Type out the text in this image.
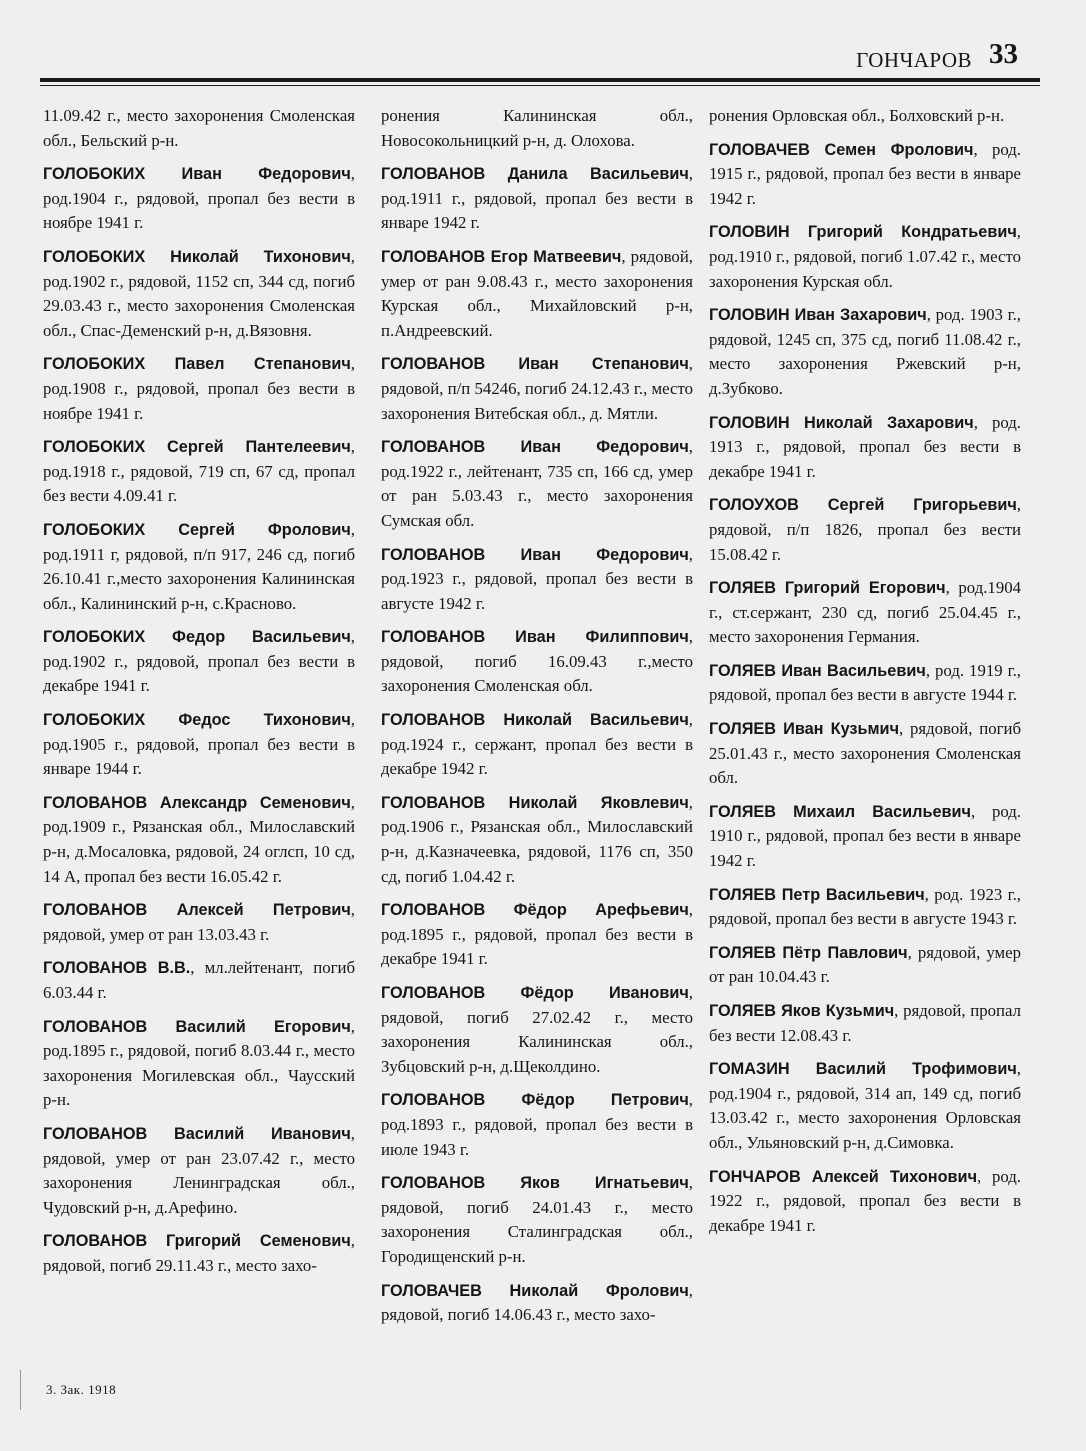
ГОНЧАРОВ 33

11.09.42 г., место захоронения Смоленская обл., Бельский р-н.

ГОЛОБОКИХ Иван Федорович, род.1904 г., рядовой, пропал без вести в ноябре 1941 г.

ГОЛОБОКИХ Николай Тихонович, род.1902 г., рядовой, 1152 сп, 344 сд, погиб 29.03.43 г., место захоронения Смоленская обл., Спас-Деменский р-н, д.Вязовня.

ГОЛОБОКИХ Павел Степанович, род.1908 г., рядовой, пропал без вести в ноябре 1941 г.

ГОЛОБОКИХ Сергей Пантелеевич, род.1918 г., рядовой, 719 сп, 67 сд, пропал без вести 4.09.41 г.

ГОЛОБОКИХ Сергей Фролович, род.1911 г, рядовой, п/п 917, 246 сд, погиб 26.10.41 г.,место захоронения Калининская обл., Калининский р-н, с.Красново.

ГОЛОБОКИХ Федор Васильевич, род.1902 г., рядовой, пропал без вести в декабре 1941 г.

ГОЛОБОКИХ Федос Тихонович, род.1905 г., рядовой, пропал без вести в январе 1944 г.

ГОЛОВАНОВ Александр Семенович, род.1909 г., Рязанская обл., Милославский р-н, д.Мосаловка, рядовой, 24 оглсп, 10 сд, 14 А, пропал без вести 16.05.42 г.

ГОЛОВАНОВ Алексей Петрович, рядовой, умер от ран 13.03.43 г.

ГОЛОВАНОВ В.В., мл.лейтенант, погиб 6.03.44 г.

ГОЛОВАНОВ Василий Егорович, род.1895 г., рядовой, погиб 8.03.44 г., место захоронения Могилевская обл., Чаусский р-н.

ГОЛОВАНОВ Василий Иванович, рядовой, умер от ран 23.07.42 г., место захоронения Ленинградская обл., Чудовский р-н, д.Арефино.

ГОЛОВАНОВ Григорий Семенович, рядовой, погиб 29.11.43 г., место захо-

ронения Калининская обл., Новосокольницкий р-н, д. Олохова.

ГОЛОВАНОВ Данила Васильевич, род.1911 г., рядовой, пропал без вести в январе 1942 г.

ГОЛОВАНОВ Егор Матвеевич, рядовой, умер от ран 9.08.43 г., место захоронения Курская обл., Михайловский р-н, п.Андреевский.

ГОЛОВАНОВ Иван Степанович, рядовой, п/п 54246, погиб 24.12.43 г., место захоронения Витебская обл., д. Мятли.

ГОЛОВАНОВ Иван Федорович, род.1922 г., лейтенант, 735 сп, 166 сд, умер от ран 5.03.43 г., место захоронения Сумская обл.

ГОЛОВАНОВ Иван Федорович, род.1923 г., рядовой, пропал без вести в августе 1942 г.

ГОЛОВАНОВ Иван Филиппович, рядовой, погиб 16.09.43 г.,место захоронения Смоленская обл.

ГОЛОВАНОВ Николай Васильевич, род.1924 г., сержант, пропал без вести в декабре 1942 г.

ГОЛОВАНОВ Николай Яковлевич, род.1906 г., Рязанская обл., Милославский р-н, д.Казначеевка, рядовой, 1176 сп, 350 сд, погиб 1.04.42 г.

ГОЛОВАНОВ Фёдор Арефьевич, род.1895 г., рядовой, пропал без вести в декабре 1941 г.

ГОЛОВАНОВ Фёдор Иванович, рядовой, погиб 27.02.42 г., место захоронения Калининская обл., Зубцовский р-н, д.Щеколдино.

ГОЛОВАНОВ Фёдор Петрович, род.1893 г., рядовой, пропал без вести в июле 1943 г.

ГОЛОВАНОВ Яков Игнатьевич, рядовой, погиб 24.01.43 г., место захоронения Сталинградская обл., Городищенский р-н.

ГОЛОВАЧЕВ Николай Фролович, рядовой, погиб 14.06.43 г., место захо-

ронения Орловская обл., Болховский р-н.

ГОЛОВАЧЕВ Семен Фролович, род. 1915 г., рядовой, пропал без вести в январе 1942 г.

ГОЛОВИН Григорий Кондратьевич, род.1910 г., рядовой, погиб 1.07.42 г., место захоронения Курская обл.

ГОЛОВИН Иван Захарович, род. 1903 г., рядовой, 1245 сп, 375 сд, погиб 11.08.42 г., место захоронения Ржевский р-н, д.Зубково.

ГОЛОВИН Николай Захарович, род. 1913 г., рядовой, пропал без вести в декабре 1941 г.

ГОЛОУХОВ Сергей Григорьевич, рядовой, п/п 1826, пропал без вести 15.08.42 г.

ГОЛЯЕВ Григорий Егорович, род.1904 г., ст.сержант, 230 сд, погиб 25.04.45 г., место захоронения Германия.

ГОЛЯЕВ Иван Васильевич, род. 1919 г., рядовой, пропал без вести в августе 1944 г.

ГОЛЯЕВ Иван Кузьмич, рядовой, погиб 25.01.43 г., место захоронения Смоленская обл.

ГОЛЯЕВ Михаил Васильевич, род. 1910 г., рядовой, пропал без вести в январе 1942 г.

ГОЛЯЕВ Петр Васильевич, род. 1923 г., рядовой, пропал без вести в августе 1943 г.

ГОЛЯЕВ Пётр Павлович, рядовой, умер от ран 10.04.43 г.

ГОЛЯЕВ Яков Кузьмич, рядовой, пропал без вести 12.08.43 г.

ГОМАЗИН Василий Трофимович, род.1904 г., рядовой, 314 ап, 149 сд, погиб 13.03.42 г., место захоронения Орловская обл., Ульяновский р-н, д.Симовка.

ГОНЧАРОВ Алексей Тихонович, род. 1922 г., рядовой, пропал без вести в декабре 1941 г.

3. Зак. 1918
